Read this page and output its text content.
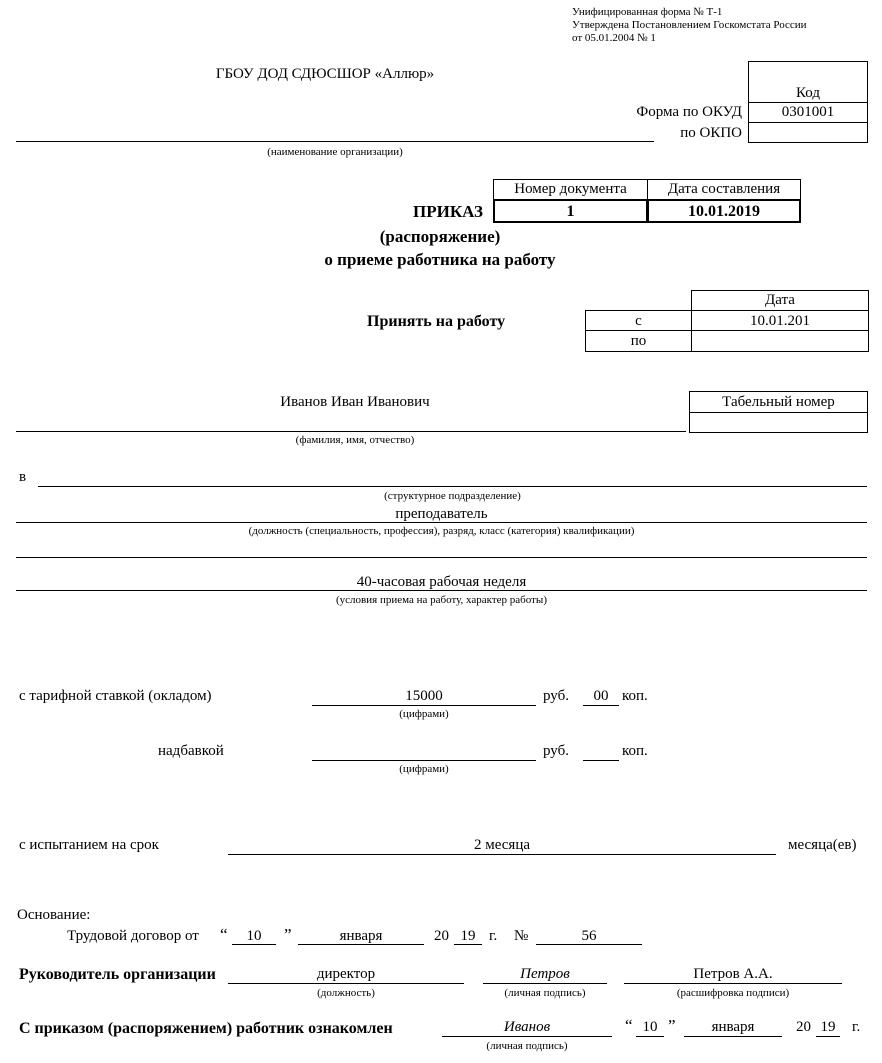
Унифицированная форма № Т-1
Утверждена Постановлением Госкомстата России
от 05.01.2004 № 1
ГБОУ ДОД СДЮСШОР «Аллюр»
(наименование организации)
Код
Форма по ОКУД	0301001
по ОКПО
Номер документа	Дата составления
1	10.01.2019
ПРИКАЗ
(распоряжение)
о приеме работника на работу
Принять на работу
Дата
с	10.01.201
по
Иванов Иван Иванович
(фамилия, имя, отчество)
Табельный номер
в
(структурное подразделение)
преподаватель
(должность (специальность, профессия), разряд, класс (категория) квалификации)
40-часовая рабочая неделя
(условия приема на работу, характер работы)
с тарифной ставкой (окладом)	15000
(цифрами)
руб.	00 коп.
надбавкой
(цифрами)
руб.	коп.
с испытанием на срок	2 месяца	месяца(ев)
Основание:
Трудовой договор от	“	10	”	января	20 19 г.	№	56
Руководитель организации	директор
(должность)
Петров
(личная подпись)
Петров А.А.
(расшифровка подписи)
С приказом (распоряжением) работник ознакомлен	Иванов
(личная подпись)
“ 10 ”	января	20 19	г.
